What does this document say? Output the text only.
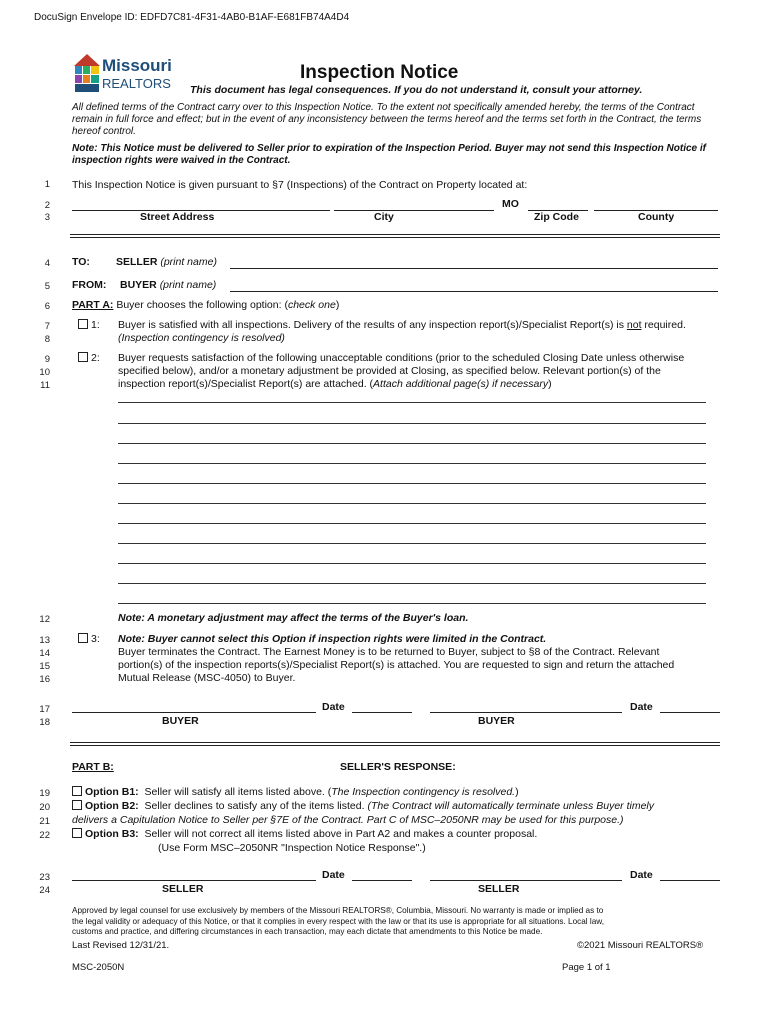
DocuSign Envelope ID: EDFD7C81-4F31-4AB0-B1AF-E681FB74A4D4
Missouri
REALTORS
Inspection Notice
This document has legal consequences. If you do not understand it, consult your attorney.
All defined terms of the Contract carry over to this Inspection Notice. To the extent not specifically amended hereby, the terms of the Contract remain in full force and effect; but in the event of any inconsistency between the terms hereof and the terms set forth in the Contract, the terms hereof control.
Note: This Notice must be delivered to Seller prior to expiration of the Inspection Period. Buyer may not send this Inspection Notice if inspection rights were waived in the Contract.
1 This Inspection Notice is given pursuant to §7 (Inspections) of the Contract on Property located at:
2	MO
3	Street Address	City	Zip Code	County
4 TO: SELLER (print name)
5 FROM: BUYER (print name)
6 PART A: Buyer chooses the following option: (check one)
7	1: Buyer is satisfied with all inspections. Delivery of the results of any inspection report(s)/Specialist Report(s) is not required.
8	(Inspection contingency is resolved)
9	2: Buyer requests satisfaction of the following unacceptable conditions (prior to the scheduled Closing Date unless otherwise
10	specified below), and/or a monetary adjustment be provided at Closing, as specified below. Relevant portion(s) of the
11	inspection report(s)/Specialist Report(s) are attached. (Attach additional page(s) if necessary)
12	Note: A monetary adjustment may affect the terms of the Buyer's loan.
13	3: Note: Buyer cannot select this Option if inspection rights were limited in the Contract.
14	Buyer terminates the Contract. The Earnest Money is to be returned to Buyer, subject to §8 of the Contract. Relevant
15	portion(s) of the inspection reports(s)/Specialist Report(s) is attached. You are requested to sign and return the attached
16	Mutual Release (MSC-4050) to Buyer.
17	Date	Date
18	BUYER	BUYER
PART B:	SELLER'S RESPONSE:
19	Option B1: Seller will satisfy all items listed above. (The Inspection contingency is resolved.)
20	Option B2: Seller declines to satisfy any of the items listed. (The Contract will automatically terminate unless Buyer timely
21 delivers a Capitulation Notice to Seller per §7E of the Contract. Part C of MSC–2050NR may be used for this purpose.)
22	Option B3: Seller will not correct all items listed above in Part A2 and makes a counter proposal.
(Use Form MSC–2050NR "Inspection Notice Response".)
23	Date	Date
24	SELLER	SELLER
Approved by legal counsel for use exclusively by members of the Missouri REALTORS®, Columbia, Missouri. No warranty is made or implied as to
the legal validity or adequacy of this Notice, or that it complies in every respect with the law or that its use is appropriate for all situations. Local law,
customs and practice, and differing circumstances in each transaction, may each dictate that amendments to this Notice be made.
Last Revised 12/31/21.	©2021 Missouri REALTORS®
MSC-2050N	Page 1 of 1
